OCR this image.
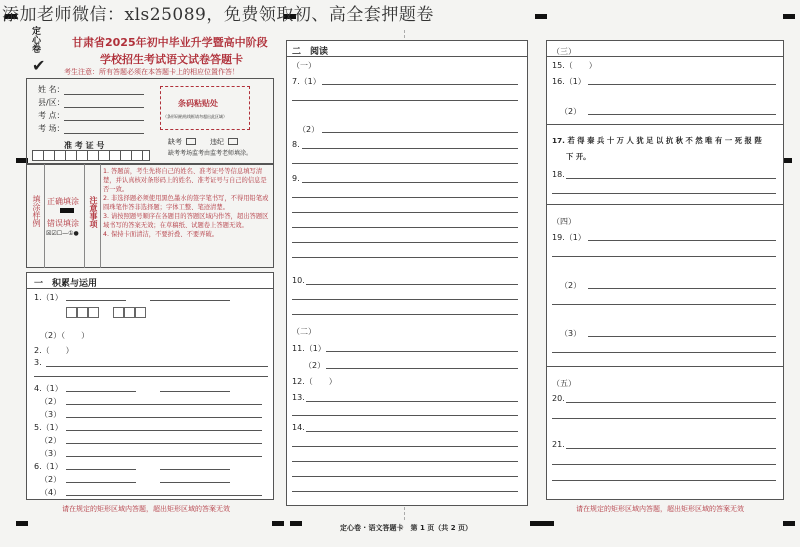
添加老师微信：xls25089，免费领取初、高全套押题卷
定心卷
✔
甘肃省2025年初中毕业升学暨高中阶段
学校招生考试语文试卷答题卡
考生注意：所有答题必须在本答题卡上的相应位置作答！
姓 名：
县/区：
考 点：
考 场：
准 考 证 号
条码粘贴处
（条形码粘贴线框请勿超出此区域）
缺考	违纪
缺考考场监考由监考老师填涂。
填涂样例 正确填涂
错误填涂
☒☑☐—①●
注意事项
1. 答题前，考生先将自己的姓名、准考证号等信息填写清楚，并认真核对条形码上的姓名、准考证号与自己的信息是否一致。
2. 非选择题必须使用黑色墨水的签字笔书写，不得用铅笔或圆珠笔作答非选择题；字体工整、笔迹清楚。
3. 请按照题号顺序在各题目的答题区域内作答，超出答题区域书写的答案无效；在草稿纸、试题卷上答题无效。
4. 保持卡面清洁，不要折叠、不要弄破。
一　积累与运用
1.（1）
（2）（　　）
2.（　　）
3.
4.（1）
（2）
（3）
5.（1）
（2）
（3）
6.（1）
（2）
（4）
请在规定的矩形区域内答题，超出矩形区域的答案无效
二　阅读
（一）
7.（1）
（2）
8.
9.
10.
（二）
11.（1）
（2）
12.（　　）
13.
14.
定心卷 · 语文答题卡　第 1 页（共 2 页）
（三）
15.（　　）
16.（1）
（2）
17. 若 得 秦 兵 十 万 人 犹 足 以 抗 秋 不 然 唯 有 一 死 报 陛
下 开。
18.
（四）
19.（1）
（2）
（3）
（五）
20.
21.
请在规定的矩形区域内答题，超出矩形区域的答案无效
